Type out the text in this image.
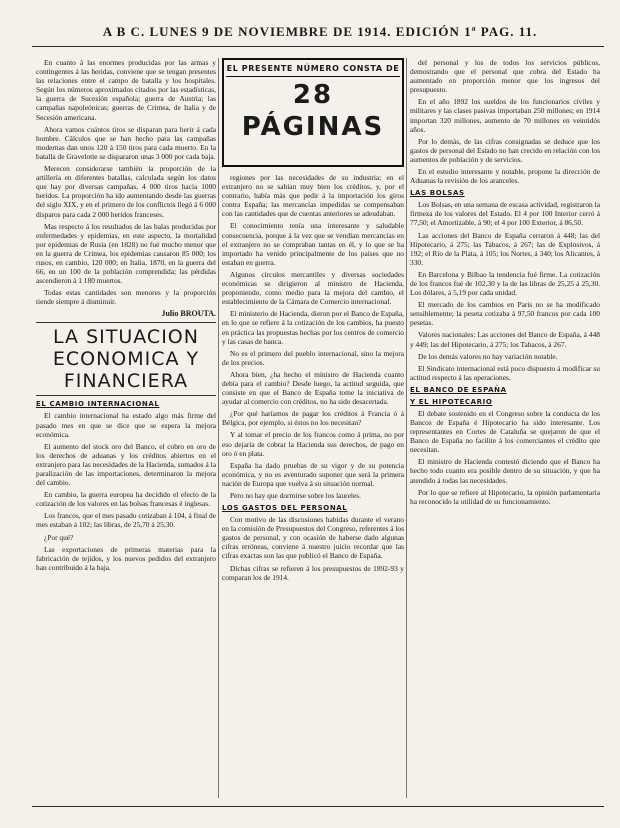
A B C. LUNES 9 DE NOVIEMBRE DE 1914. EDICIÓN 1ª PAG. 11.

En cuanto á las enormes producidas por las armas y contingentes á las heridas, conviene que se tengan presentes las relaciones entre el campo de batalla y los hospitales. Según los números aproximados citados por las estadísticas, la guerra de Sucesión española; guerra de Austria; las campañas napoleónicas; guerras de Crimea, de Italia y de Secesión americana.

Ahora vamos cuántos tiros se disparan para herir á cada hombre. Cálculos que se han hecho para las campañas modernas dan unos 120 á 150 tiros para cada muerto. En la batalla de Gravelotte se dispararon unas 3 000 por cada baja.

Merecen considerarse también la proporción de la artillería en diferentes batallas, calculada según los datos que hay por diversas campañas, 4 000 tiros hacia 1000 heridos. La proporción ha ido aumentando desde las guerras del siglo XIX, y en el primero de los conflictos llegó á 6 000 disparos para cada 2 000 heridos franceses.

Mas respecto á los resultados de las balas producidas por enfermedades y epidemias, en este aspecto, la mortalidad por epidemias de Rusia (en 1828) no fué mucho menor que en la guerra de Crimea, los epidemias causaron 85 000; los rusos, en cambio, 120 000; en Italia, 1870, en la guerra del 66, en un 100 de la población comprendida; las pérdidas ascendieron á 1 180 muertos.

Todas estas cantidades son menores y la proporción tiende siempre á disminuir.

Julio BROUTA.
LA SITUACION ECONOMICA Y FINANCIERA
EL CAMBIO INTERNACIONAL

El cambio internacional ha estado algo más firme del pasado mes en que se dice que se espera la mejora económica.

El aumento del stock oro del Banco, el cobro en oro de los derechos de aduanas y los créditos abiertos en el extranjero para las necesidades de la Hacienda, sumados á la paralización de las importaciones, determinaron la mejora del cambio.

En cambio, la guerra europea ha decidido el efecto de la cotización de los valores en las bolsas francesas é inglesas.

Los francos, que el mes pasado cotizaban á 104, á final de mes estaban á 102; las libras, de 25,70 á 25,30.

¿Por qué?

Las exportaciones de primeras materias para la fabricación de tejidos, y los nuevos pedidos del extranjero han contribuido á la baja.

EL PRESENTE NÚMERO CONSTA DE
28 PÁGINAS

regiones por las necesidades de su industria; en el extranjero no se sabían muy bien los créditos, y, por el contrario, había más que pedir á la importación los giros contra España; las mercancías impedidas se compensaban con las cantidades que de cuentas anteriores se adeudaban.

El conocimiento tenía una interesante y saludable consecuencia, porque á la vez que se vendían mercancías en el extranjero no se compraban tantas en él, y lo que se ha importado ha venido principalmente de los países que no estaban en guerra.

Algunos círculos mercantiles y diversas sociedades económicas se dirigieron al ministro de Hacienda, proponiendo, como medio para la mejora del cambio, el establecimiento de la Cámara de Comercio internacional.

El ministerio de Hacienda, dieron por el Banco de España, en lo que se refiere á la cotización de los cambios, ha puesto en práctica las propuestas hechas por los centros de comercio y las casas de banca.

No es el primero del pueblo internacional, sino la mejora de los precios.

Ahora bien, ¿ha hecho el ministro de Hacienda cuanto debía para el cambio? Desde luego, la actitud seguida, que consiste en que el Banco de España tome la iniciativa de ayudar al comercio con créditos, no ha sido desacertada.

¿Por qué haríamos de pagar los créditos á Francia ó á Bélgica, por ejemplo, si éstos no los necesitan?

Y al tomar el precio de los francos como á prima, no por eso dejaría de cobrar la Hacienda sus derechos, de pago en oro ó en plata.

España ha dado pruebas de su vigor y de su potencia económica, y no es aventurado suponer que será la primera nación de Europa que vuelva á su situación normal.

Pero no hay que dormirse sobre los laureles.

LOS GASTOS DEL PERSONAL

Con motivo de las discusiones habidas durante el verano en la comisión de Presupuestos del Congreso, referentes á los gastos de personal, y con ocasión de haberse dado algunas cifras erróneas, conviene á nuestro juicio recordar que las cifras exactas son las que publicó el Banco de España.

Dichas cifras se refieren á los presupuestos de 1892-93 y comparan los de 1914.

del personal y los de todos los servicios públicos, demostrando que el personal que cobra del Estado ha aumentado en proporción menor que los ingresos del presupuesto.

En el año 1892 los sueldos de los funcionarios civiles y militares y las clases pasivas importaban 250 millones; en 1914 importan 320 millones, aumento de 70 millones en veintidós años.

Por lo demás, de las cifras consignadas se deduce que los gastos de personal del Estado no han crecido en relación con los aumentos de población y de servicios.

En el estudio interesante y notable, propone la dirección de Aduanas la revisión de los aranceles.

LAS BOLSAS

Los Bolsas, en una semana de escasa actividad, registraron la firmeza de los valores del Estado. El 4 por 100 Interior cerró á 77,50; el Amortizable, á 90; el 4 por 100 Exterior, á 86,50.

Las acciones del Banco de España cerraron á 448; las del Hipotecario, á 275; las Tabacos, á 267; las de Explosivos, á 192; el Río de la Plata, á 105; los Nortes, á 340; los Alicantes, á 330.

En Barcelona y Bilbao la tendencia fué firme. La cotización de los francos fué de 102,30 y la de las libras de 25,25 á 25,30. Los dólares, á 5,19 por cada unidad.

El mercado de los cambios en París no se ha modificado sensiblemente; la peseta cotizaba á 97,50 francos por cada 100 pesetas.

Valores nacionales: Las acciones del Banco de España, á 448 y 449; las del Hipotecario, á 275; los Tabacos, á 267.

De los demás valores no hay variación notable.

El Sindicato internacional está poco dispuesto á modificar su actitud respecto á las operaciones.

EL BANCO DE ESPAÑA
Y EL HIPOTECARIO

El debate sostenido en el Congreso sobre la conducta de los Bancos de España é Hipotecario ha sido interesante. Los representantes en Cortes de Cataluña se quejaron de que el Banco de España no facilite á los comerciantes el crédito que necesitan.

El ministro de Hacienda contestó diciendo que el Banco ha hecho todo cuanto era posible dentro de su situación, y que ha atendido á todas las necesidades.

Por lo que se refiere al Hipotecario, la opinión parlamentaria ha reconocido la utilidad de su funcionamiento.
